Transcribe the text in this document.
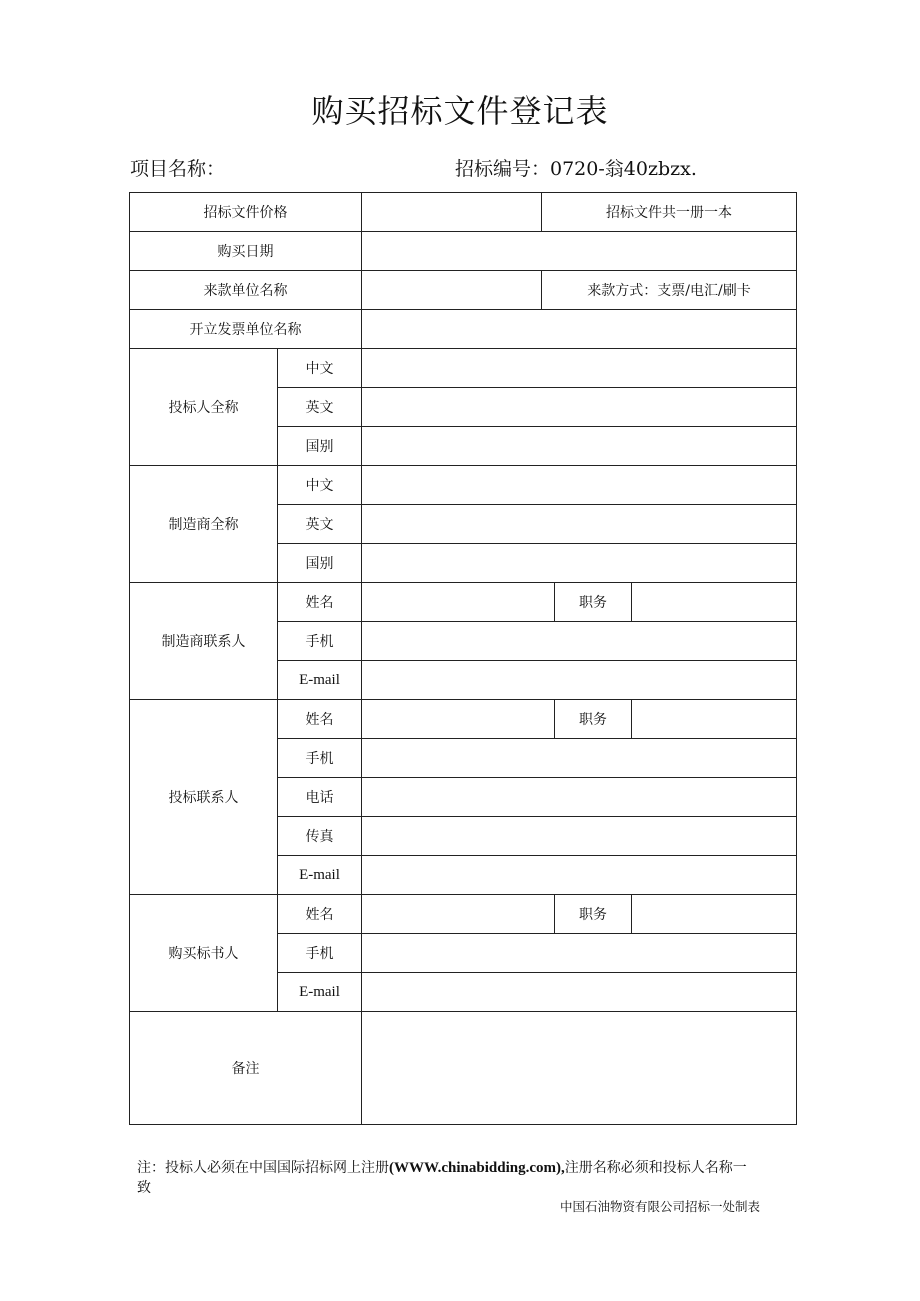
购买招标文件登记表
项目名称：	招标编号：0720-翁40zbzx.
招标文件价格			招标文件共一册一本		
购买日期					
来款单位名称			来款方式：支票/电汇/刷卡		
开立发票单位名称					
投标人全称	中文				
	英文				
	国别				
制造商全称	中文				
	英文				
	国别				
制造商联系人	姓名			职务	
	手机				
	E-mail				
投标联系人	姓名			职务	
	手机				
	电话				
	传真				
	E-mail				
购买标书人	姓名			职务	
	手机				
	E-mail				
备注					
注：投标人必须在中国国际招标网上注册(WWW.chinabidding.com),注册名称必须和投标人名称一致
中国石油物资有限公司招标一处制表
